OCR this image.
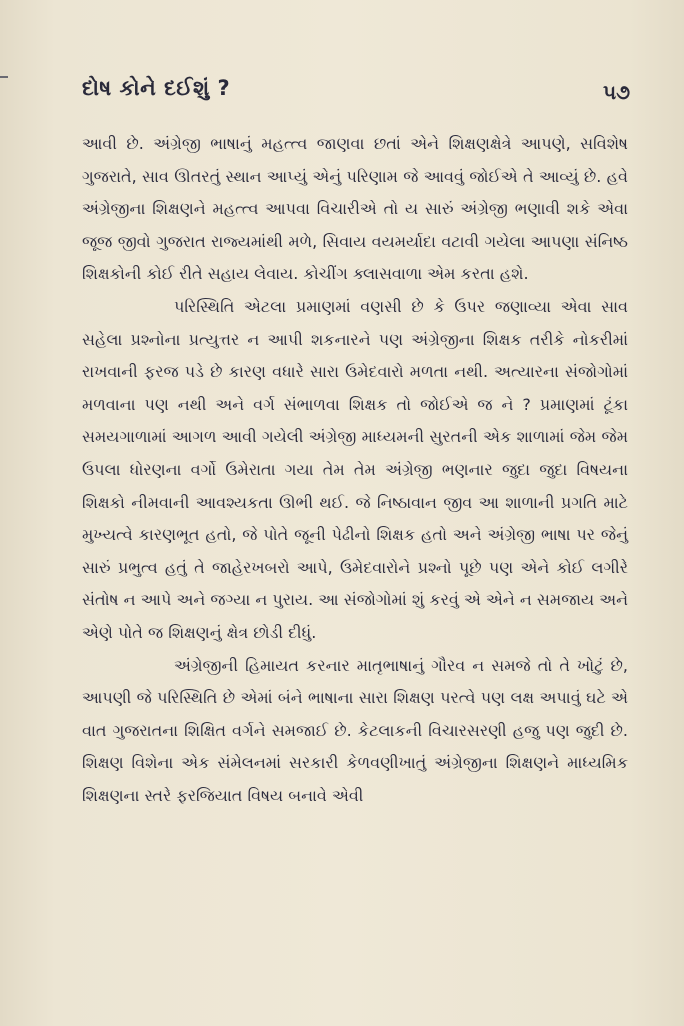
દોષ કોને દઈશું ?	૫૭

આવી છે. અંગ્રેજી ભાષાનું મહત્ત્વ જાણવા છતાં એને શિક્ષણક્ષેત્રે આપણે, સવિશેષ ગુજરાતે, સાવ ઊતરતું સ્થાન આપ્યું એનું પરિણામ જે આવવું જોઈએ તે આવ્યું છે. હવે અંગ્રેજીના શિક્ષણને મહત્ત્વ આપવા વિચારીએ તો ય સારું અંગ્રેજી ભણાવી શકે એવા જૂજ જીવો ગુજરાત રાજ્યમાંથી મળે, સિવાય વયમર્યાદા વટાવી ગયેલા આપણા સંનિષ્ઠ શિક્ષકોની કોઈ રીતે સહાય લેવાય. કોચીંગ ક્લાસવાળા એમ કરતા હશે.

પરિસ્થિતિ એટલા પ્રમાણમાં વણસી છે કે ઉપર જણાવ્યા એવા સાવ સહેલા પ્રશ્નોના પ્રત્યુત્તર ન આપી શકનારને પણ અંગ્રેજીના શિક્ષક તરીકે નોકરીમાં રાખવાની ફરજ પડે છે કારણ વધારે સારા ઉમેદવારો મળતા નથી. અત્યારના સંજોગોમાં મળવાના પણ નથી અને વર્ગ સંભાળવા શિક્ષક તો જોઈએ જ ને ? પ્રમાણમાં ટૂંકા સમયગાળામાં આગળ આવી ગયેલી અંગ્રેજી માધ્યમની સુરતની એક શાળામાં જેમ જેમ ઉપલા ધોરણના વર્ગો ઉમેરાતા ગયા તેમ તેમ અંગ્રેજી ભણનાર જુદા જુદા વિષયના શિક્ષકો નીમવાની આવશ્યકતા ઊભી થઈ. જે નિષ્ઠાવાન જીવ આ શાળાની પ્રગતિ માટે મુખ્યત્વે કારણભૂત હતો, જે પોતે જૂની પેઢીનો શિક્ષક હતો અને અંગ્રેજી ભાષા પર જેનું સારું પ્રભુત્વ હતું તે જાહેરખબરો આપે, ઉમેદવારોને પ્રશ્નો પૂછે પણ એને કોઈ લગીરે સંતોષ ન આપે અને જગ્યા ન પુરાય. આ સંજોગોમાં શું કરવું એ એને ન સમજાય અને એણે પોતે જ શિક્ષણનું ક્ષેત્ર છોડી દીધું.

અંગ્રેજીની હિમાયત કરનાર માતૃભાષાનું ગૌરવ ન સમજે તો તે ખોટું છે, આપણી જે પરિસ્થિતિ છે એમાં બંને ભાષાના સારા શિક્ષણ પરત્વે પણ લક્ષ અપાવું ઘટે એ વાત ગુજરાતના શિક્ષિત વર્ગને સમજાઈ છે. કેટલાકની વિચારસરણી હજુ પણ જુદી છે. શિક્ષણ વિશેના એક સંમેલનમાં સરકારી કેળવણીખાતું અંગ્રેજીના શિક્ષણને માધ્યમિક શિક્ષણના સ્તરે ફરજિયાત વિષય બનાવે એવી
